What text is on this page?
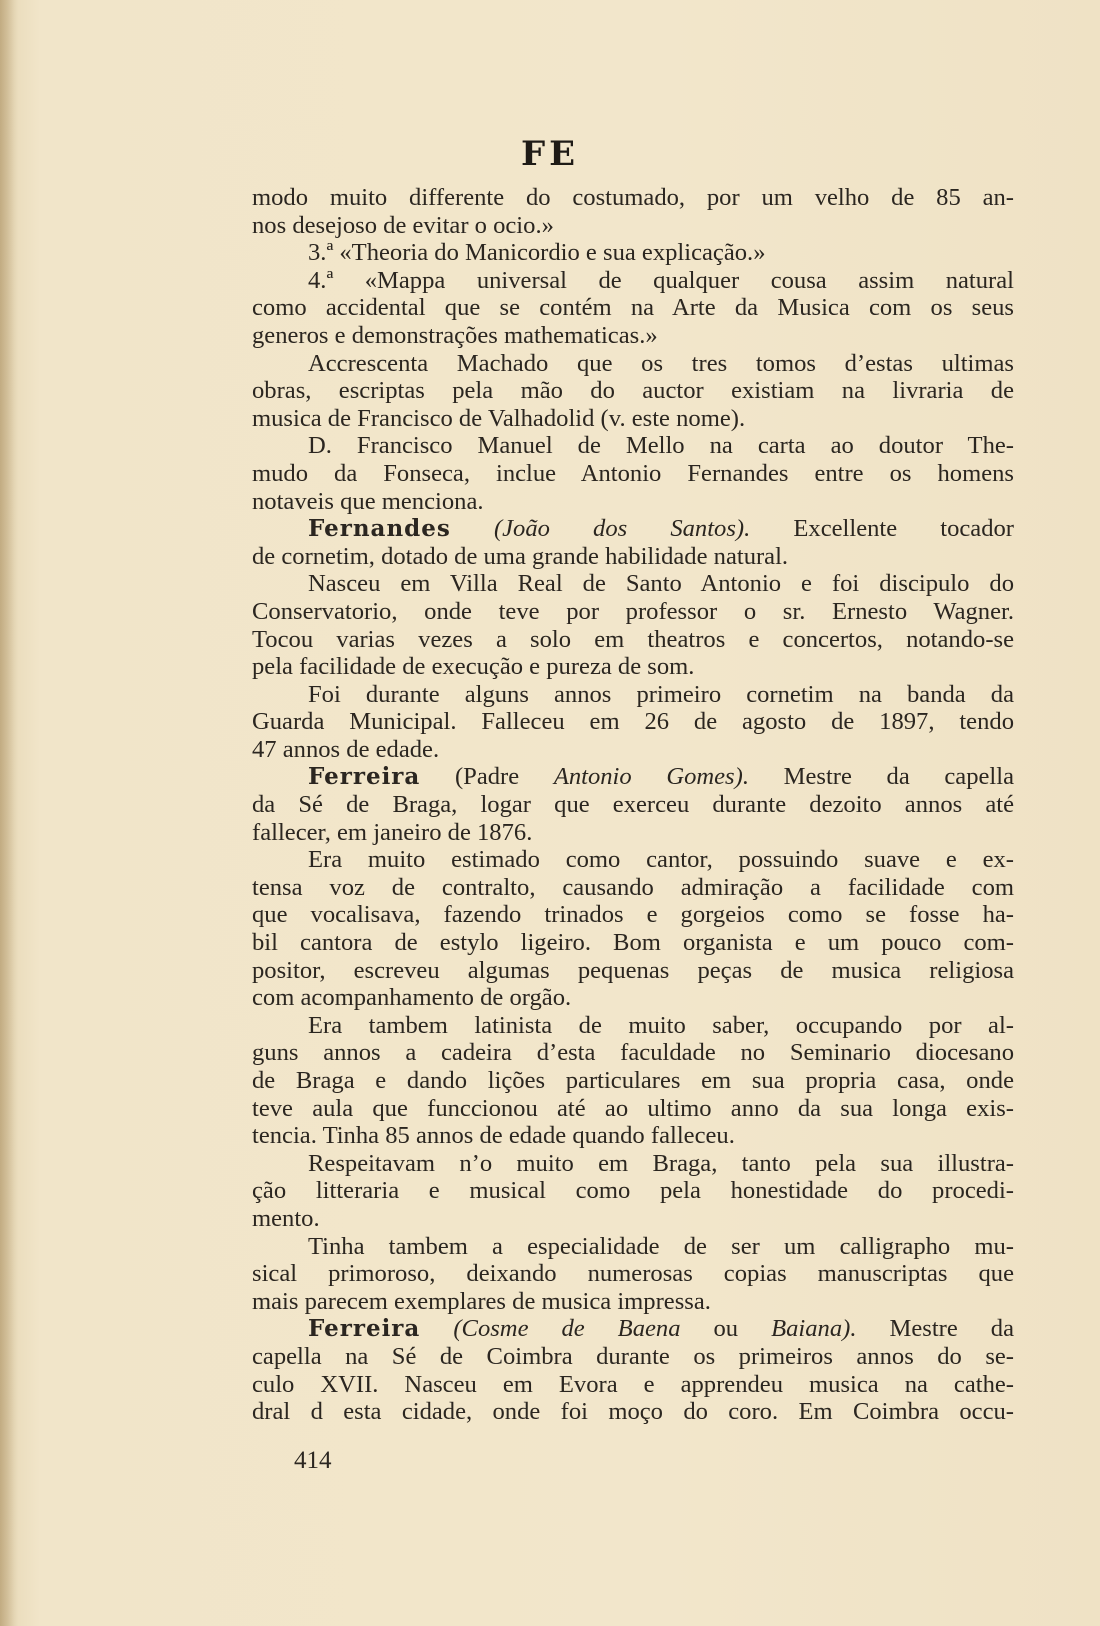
FE
modo muito differente do costumado, por um velho de 85 an-
nos desejoso de evitar o ocio.»
3.ª «Theoria do Manicordio e sua explicação.»
4.ª «Mappa universal de qualquer cousa assim natural
como accidental que se contém na Arte da Musica com os seus
generos e demonstrações mathematicas.»
Accrescenta Machado que os tres tomos d’estas ultimas
obras, escriptas pela mão do auctor existiam na livraria de
musica de Francisco de Valhadolid (v. este nome).
D. Francisco Manuel de Mello na carta ao doutor The-
mudo da Fonseca, inclue Antonio Fernandes entre os homens
notaveis que menciona.
Fernandes (João dos Santos). Excellente tocador
de cornetim, dotado de uma grande habilidade natural.
Nasceu em Villa Real de Santo Antonio e foi discipulo do
Conservatorio, onde teve por professor o sr. Ernesto Wagner.
Tocou varias vezes a solo em theatros e concertos, notando-se
pela facilidade de execução e pureza de som.
Foi durante alguns annos primeiro cornetim na banda da
Guarda Municipal. Falleceu em 26 de agosto de 1897, tendo
47 annos de edade.
Ferreira (Padre Antonio Gomes). Mestre da capella
da Sé de Braga, logar que exerceu durante dezoito annos até
fallecer, em janeiro de 1876.
Era muito estimado como cantor, possuindo suave e ex-
tensa voz de contralto, causando admiração a facilidade com
que vocalisava, fazendo trinados e gorgeios como se fosse ha-
bil cantora de estylo ligeiro. Bom organista e um pouco com-
positor, escreveu algumas pequenas peças de musica religiosa
com acompanhamento de orgão.
Era tambem latinista de muito saber, occupando por al-
guns annos a cadeira d’esta faculdade no Seminario diocesano
de Braga e dando lições particulares em sua propria casa, onde
teve aula que funccionou até ao ultimo anno da sua longa exis-
tencia. Tinha 85 annos de edade quando falleceu.
Respeitavam n’o muito em Braga, tanto pela sua illustra-
ção litteraria e musical como pela honestidade do procedi-
mento.
Tinha tambem a especialidade de ser um calligrapho mu-
sical primoroso, deixando numerosas copias manuscriptas que
mais parecem exemplares de musica impressa.
Ferreira (Cosme de Baena ou Baiana). Mestre da
capella na Sé de Coimbra durante os primeiros annos do se-
culo XVII. Nasceu em Evora e apprendeu musica na cathe-
dral d esta cidade, onde foi moço do coro. Em Coimbra occu-
414
